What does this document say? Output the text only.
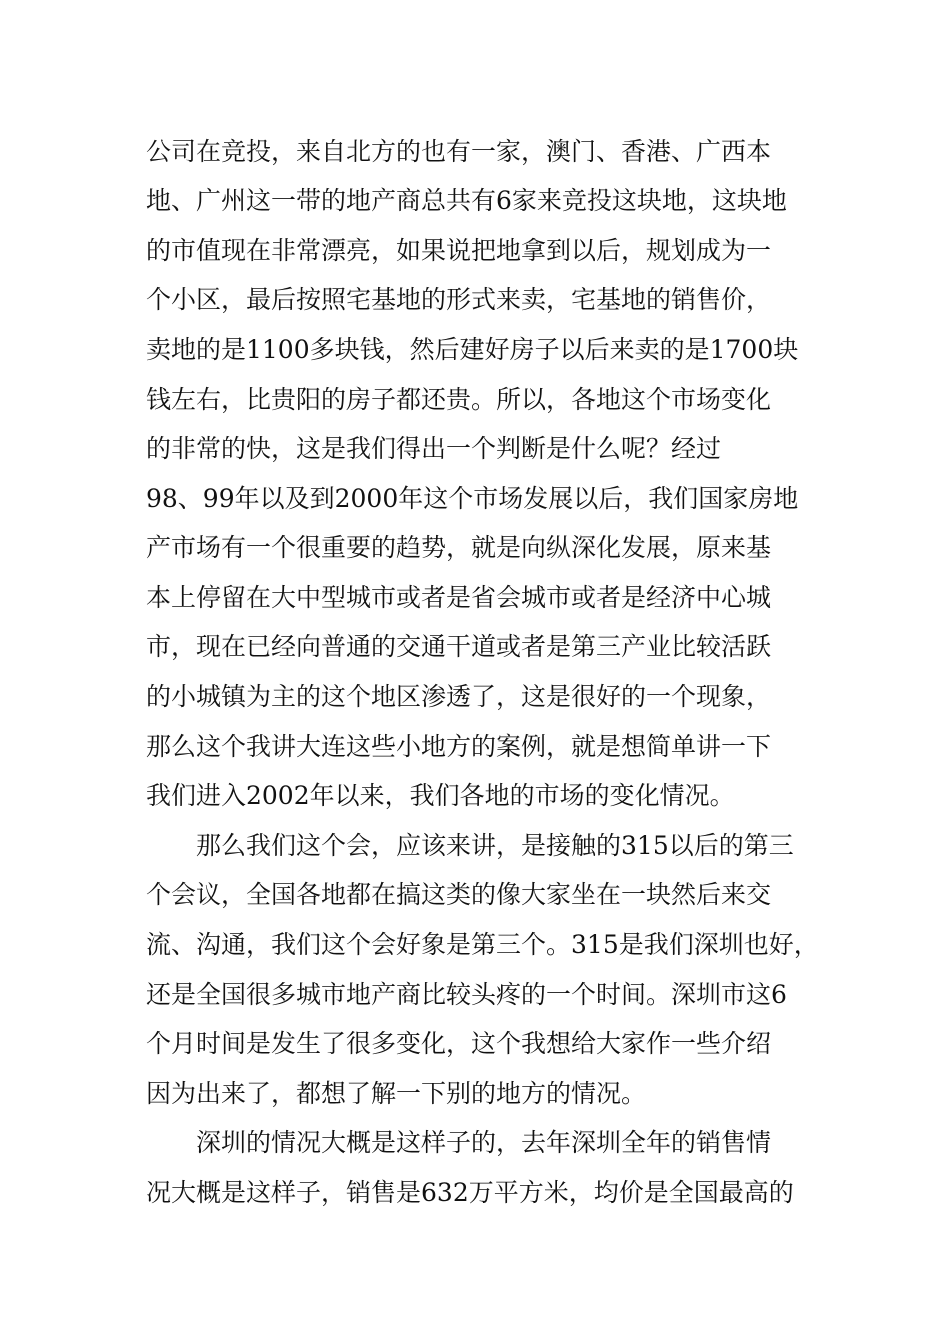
公司在竞投，来自北方的也有一家，澳门、香港、广西本

地、广州这一带的地产商总共有6家来竞投这块地，这块地

的市值现在非常漂亮，如果说把地拿到以后，规划成为一

个小区，最后按照宅基地的形式来卖，宅基地的销售价，

卖地的是1100多块钱，然后建好房子以后来卖的是1700块

钱左右，比贵阳的房子都还贵。所以，各地这个市场变化

的非常的快，这是我们得出一个判断是什么呢？经过

98、99年以及到2000年这个市场发展以后，我们国家房地

产市场有一个很重要的趋势，就是向纵深化发展，原来基

本上停留在大中型城市或者是省会城市或者是经济中心城

市，现在已经向普通的交通干道或者是第三产业比较活跃

的小城镇为主的这个地区渗透了，这是很好的一个现象，

那么这个我讲大连这些小地方的案例，就是想简单讲一下

我们进入2002年以来，我们各地的市场的变化情况。

那么我们这个会，应该来讲，是接触的315以后的第三

个会议，全国各地都在搞这类的像大家坐在一块然后来交

流、沟通，我们这个会好象是第三个。315是我们深圳也好，

还是全国很多城市地产商比较头疼的一个时间。深圳市这6

个月时间是发生了很多变化，这个我想给大家作一些介绍

因为出来了，都想了解一下别的地方的情况。

深圳的情况大概是这样子的，去年深圳全年的销售情

况大概是这样子，销售是632万平方米，均价是全国最高的
